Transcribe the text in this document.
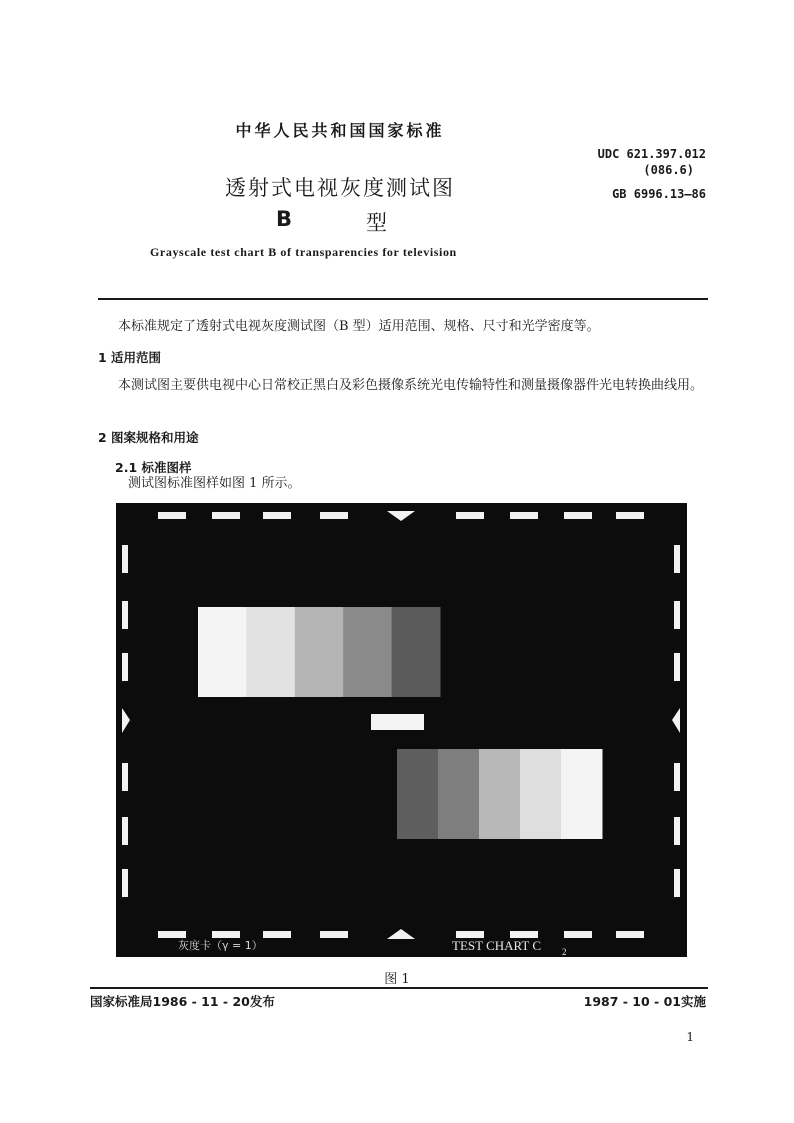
中华人民共和国国家标准
透射式电视灰度测试图
B	型
UDC 621.397.012
(086.6)
GB 6996.13—86
Grayscale test chart B of transparencies for television
本标准规定了透射式电视灰度测试图（B 型）适用范围、规格、尺寸和光学密度等。
1 适用范围
本测试图主要供电视中心日常校正黑白及彩色摄像系统光电传输特性和测量摄像器件光电转换曲线用。
2 图案规格和用途
2.1 标准图样
测试图标准图样如图 1 所示。
灰度卡（γ = 1）	TEST CHART C 2
图 1
国家标准局1986 - 11 - 20发布	1987 - 10 - 01实施
1
